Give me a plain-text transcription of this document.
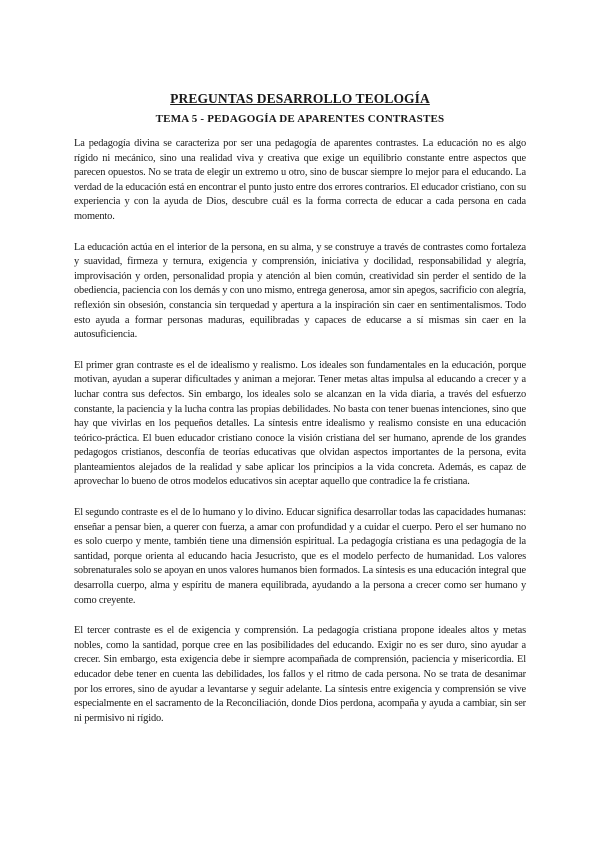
PREGUNTAS DESARROLLO TEOLOGÍA
TEMA 5 - PEDAGOGÍA DE APARENTES CONTRASTES

La pedagogía divina se caracteriza por ser una pedagogía de aparentes contrastes. La educación no es algo rígido ni mecánico, sino una realidad viva y creativa que exige un equilibrio constante entre aspectos que parecen opuestos. No se trata de elegir un extremo u otro, sino de buscar siempre lo mejor para el educando. La verdad de la educación está en encontrar el punto justo entre dos errores contrarios. El educador cristiano, con su experiencia y con la ayuda de Dios, descubre cuál es la forma correcta de educar a cada persona en cada momento.

La educación actúa en el interior de la persona, en su alma, y se construye a través de contrastes como fortaleza y suavidad, firmeza y ternura, exigencia y comprensión, iniciativa y docilidad, responsabilidad y alegría, improvisación y orden, personalidad propia y atención al bien común, creatividad sin perder el sentido de la obediencia, paciencia con los demás y con uno mismo, entrega generosa, amor sin apegos, sacrificio con alegría, reflexión sin obsesión, constancia sin terquedad y apertura a la inspiración sin caer en sentimentalismos. Todo esto ayuda a formar personas maduras, equilibradas y capaces de educarse a sí mismas sin caer en la autosuficiencia.

El primer gran contraste es el de idealismo y realismo. Los ideales son fundamentales en la educación, porque motivan, ayudan a superar dificultades y animan a mejorar. Tener metas altas impulsa al educando a crecer y a luchar contra sus defectos. Sin embargo, los ideales solo se alcanzan en la vida diaria, a través del esfuerzo constante, la paciencia y la lucha contra las propias debilidades. No basta con tener buenas intenciones, sino que hay que vivirlas en los pequeños detalles. La síntesis entre idealismo y realismo consiste en una educación teórico-práctica. El buen educador cristiano conoce la visión cristiana del ser humano, aprende de los grandes pedagogos cristianos, desconfía de teorías educativas que olvidan aspectos importantes de la persona, evita planteamientos alejados de la realidad y sabe aplicar los principios a la vida concreta. Además, es capaz de aprovechar lo bueno de otros modelos educativos sin aceptar aquello que contradice la fe cristiana.

El segundo contraste es el de lo humano y lo divino. Educar significa desarrollar todas las capacidades humanas: enseñar a pensar bien, a querer con fuerza, a amar con profundidad y a cuidar el cuerpo. Pero el ser humano no es solo cuerpo y mente, también tiene una dimensión espiritual. La pedagogía cristiana es una pedagogía de la santidad, porque orienta al educando hacia Jesucristo, que es el modelo perfecto de humanidad. Los valores sobrenaturales solo se apoyan en unos valores humanos bien formados. La síntesis es una educación integral que desarrolla cuerpo, alma y espíritu de manera equilibrada, ayudando a la persona a crecer como ser humano y como creyente.

El tercer contraste es el de exigencia y comprensión. La pedagogía cristiana propone ideales altos y metas nobles, como la santidad, porque cree en las posibilidades del educando. Exigir no es ser duro, sino ayudar a crecer. Sin embargo, esta exigencia debe ir siempre acompañada de comprensión, paciencia y misericordia. El educador debe tener en cuenta las debilidades, los fallos y el ritmo de cada persona. No se trata de desanimar por los errores, sino de ayudar a levantarse y seguir adelante. La síntesis entre exigencia y comprensión se vive especialmente en el sacramento de la Reconciliación, donde Dios perdona, acompaña y ayuda a cambiar, sin ser ni permisivo ni rígido.
